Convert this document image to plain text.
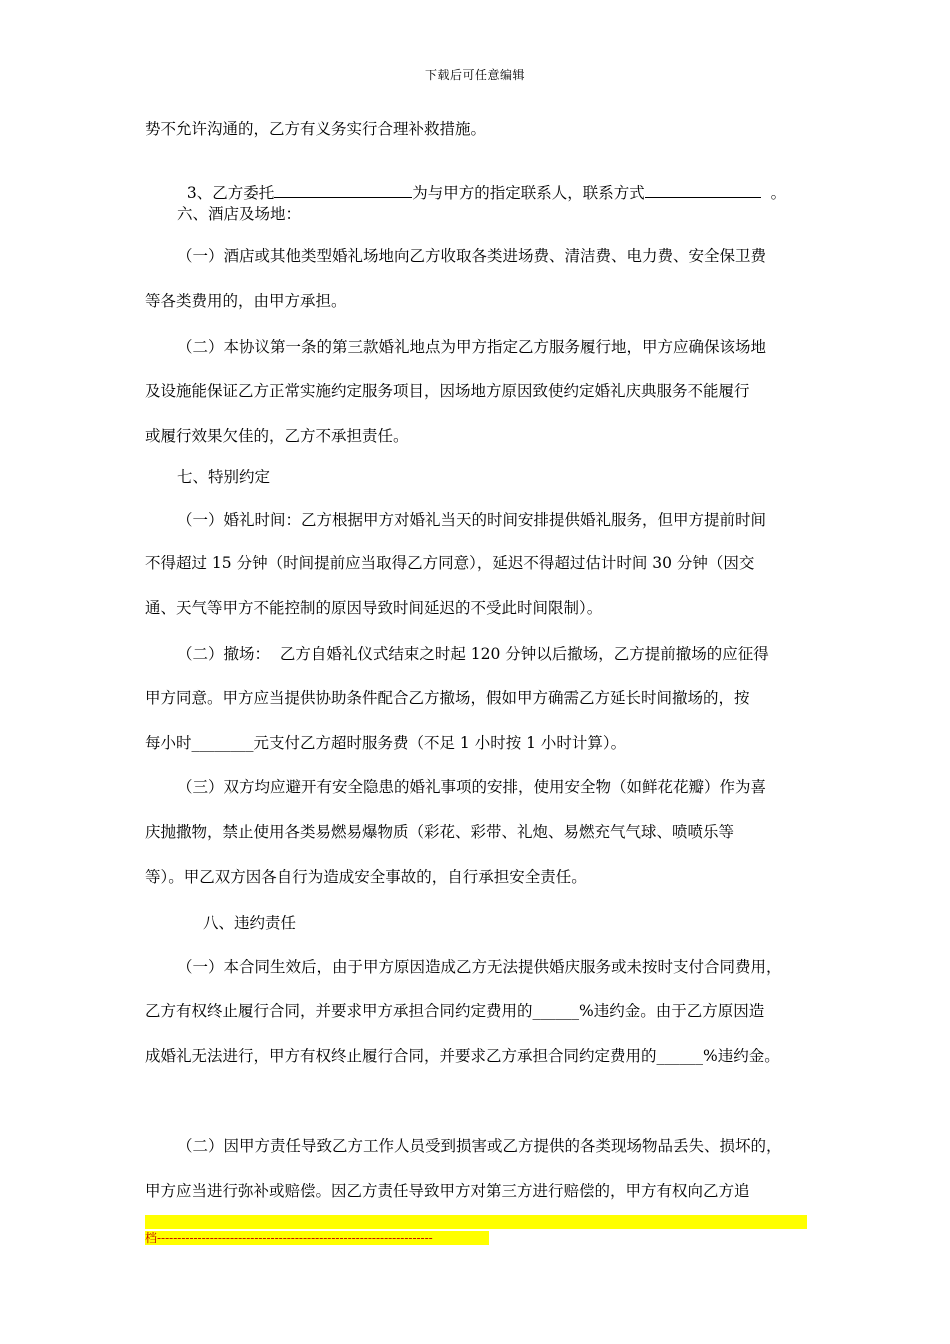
下载后可任意编辑
势不允许沟通的，乙方有义务实行合理补救措施。

3、乙方委托	为与甲方的指定联系人，联系方式	。

六、酒店及场地：
（一）酒店或其他类型婚礼场地向乙方收取各类进场费、清洁费、电力费、安全保卫费
等各类费用的，由甲方承担。
（二）本协议第一条的第三款婚礼地点为甲方指定乙方服务履行地，甲方应确保该场地
及设施能保证乙方正常实施约定服务项目，因场地方原因致使约定婚礼庆典服务不能履行
或履行效果欠佳的，乙方不承担责任。
七、特别约定
（一）婚礼时间：乙方根据甲方对婚礼当天的时间安排提供婚礼服务，但甲方提前时间
不得超过 15 分钟（时间提前应当取得乙方同意），延迟不得超过估计时间 30 分钟（因交
通、天气等甲方不能控制的原因导致时间延迟的不受此时间限制）。
（二）撤场：  乙方自婚礼仪式结束之时起 120 分钟以后撤场，乙方提前撤场的应征得
甲方同意。甲方应当提供协助条件配合乙方撤场，假如甲方确需乙方延长时间撤场的，按
每小时________元支付乙方超时服务费（不足 1 小时按 1 小时计算）。
（三）双方均应避开有安全隐患的婚礼事项的安排，使用安全物（如鲜花花瓣）作为喜
庆抛撒物，禁止使用各类易燃易爆物质（彩花、彩带、礼炮、易燃充气气球、喷喷乐等
等）。甲乙双方因各自行为造成安全事故的，自行承担安全责任。
八、违约责任
（一）本合同生效后，由于甲方原因造成乙方无法提供婚庆服务或未按时支付合同费用，
乙方有权终止履行合同，并要求甲方承担合同约定费用的______%违约金。由于乙方原因造
成婚礼无法进行，甲方有权终止履行合同，并要求乙方承担合同约定费用的______%违约金。
（二）因甲方责任导致乙方工作人员受到损害或乙方提供的各类现场物品丢失、损坏的，
甲方应当进行弥补或赔偿。因乙方责任导致甲方对第三方进行赔偿的，甲方有权向乙方追

档--------------------------------------------------------------------
